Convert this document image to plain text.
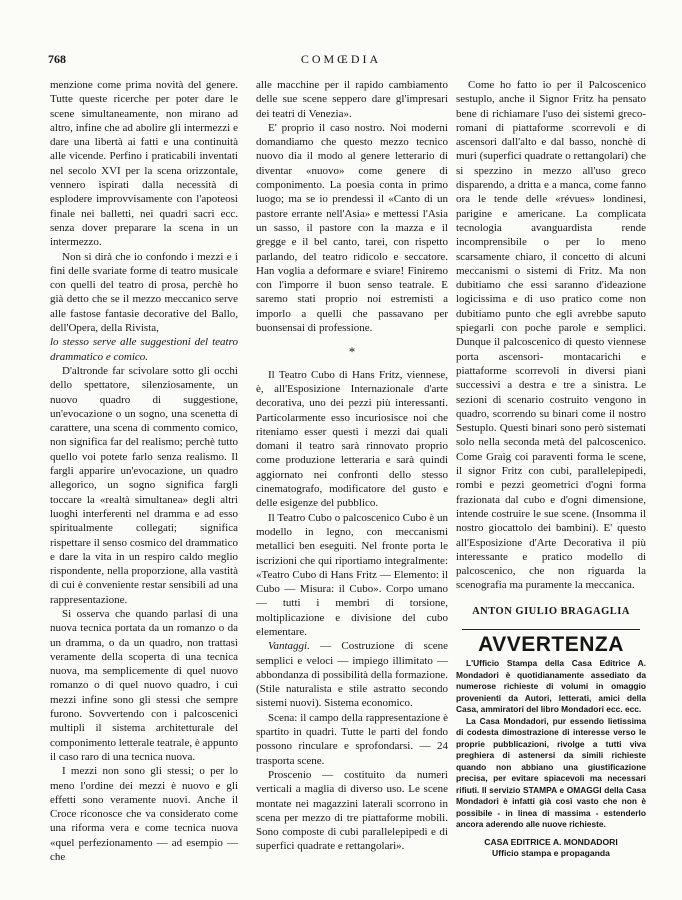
768	COMŒDIA

menzione come prima novità del genere. Tutte queste ricerche per poter dare le scene simultaneamente, non mirano ad altro, infine che ad abolire gli intermezzi e dare una libertà ai fatti e una continuità alle vicende. Perfino i praticabili inventati nel secolo XVI per la scena orizzontale, vennero ispirati dalla necessità di esplodere improvvisamente con l'apoteosi finale nei balletti, nei quadri sacri ecc. senza dover preparare la scena in un intermezzo.

Non si dirà che io confondo i mezzi e i fini delle svariate forme di teatro musicale con quelli del teatro di prosa, perchè ho già detto che se il mezzo meccanico serve alle fastose fantasie decorative del Ballo, dell'Opera, della Rivista,

lo stesso serve alle suggestioni del teatro drammatico e comico.

D'altronde far scivolare sotto gli occhi dello spettatore, silenziosamente, un nuovo quadro di suggestione, un'evocazione o un sogno, una scenetta di carattere, una scena di commento comico, non significa far del realismo; perchè tutto quello voi potete farlo senza realismo. Il fargli apparire un'evocazione, un quadro allegorico, un sogno significa fargli toccare la «realtà simultanea» degli altri luoghi interferenti nel dramma e ad esso spiritualmente collegati; significa rispettare il senso cosmico del drammatico e dare la vita in un respiro caldo meglio rispondente, nella proporzione, alla vastità di cui è conveniente restar sensibili ad una rappresentazione.

Si osserva che quando parlasi di una nuova tecnica portata da un romanzo o da un dramma, o da un quadro, non trattasi veramente della scoperta di una tecnica nuova, ma semplicemente di quel nuovo romanzo o di quel nuovo quadro, i cui mezzi infine sono gli stessi che sempre furono. Sovvertendo con i palcoscenici multipli il sistema architetturale del componimento letterale teatrale, è appunto il caso raro di una tecnica nuova.

I mezzi non sono gli stessi; o per lo meno l'ordine dei mezzi è nuovo e gli effetti sono veramente nuovi. Anche il Croce riconosce che va considerato come una riforma vera e come tecnica nuova «quel perfezionamento — ad esempio — che

alle macchine per il rapido cambiamento delle sue scene seppero dare gl'impresari dei teatri di Venezia».

E' proprio il caso nostro. Noi moderni domandiamo che questo mezzo tecnico nuovo dia il modo al genere letterario di diventar «nuovo» come genere di componimento. La poesia conta in primo luogo; ma se io prendessi il «Canto di un pastore errante nell'Asia» e mettessi l'Asia un sasso, il pastore con la mazza e il gregge e il bel canto, tarei, con rispetto parlando, del teatro ridicolo e seccatore. Han voglia a deformare e sviare! Finiremo con l'imporre il buon senso teatrale. E saremo stati proprio noi estremisti a imporlo a quelli che passavano per buonsensai di professione.

*

Il Teatro Cubo di Hans Fritz, viennese, è, all'Esposizione Internazionale d'arte decorativa, uno dei pezzi più interessanti. Particolarmente esso incuriosisce noi che riteniamo esser questi i mezzi dai quali domani il teatro sarà rinnovato proprio come produzione letteraria e sarà quindi aggiornato nei confronti dello stesso cinematografo, modificatore del gusto e delle esigenze del pubblico.

Il Teatro Cubo o palcoscenico Cubo è un modello in legno, con meccanismi metallici ben eseguiti. Nel fronte porta le iscrizioni che qui riportiamo integralmente: «Teatro Cubo di Hans Fritz — Elemento: il Cubo — Misura: il Cubo». Corpo umano — tutti i membri di torsione, moltiplicazione e divisione del cubo elementare.

Vantaggi. — Costruzione di scene semplici e veloci — impiego illimitato — abbondanza di possibilità della formazione. (Stile naturalista e stile astratto secondo sistemi nuovi). Sistema economico.

Scena: il campo della rappresentazione è spartito in quadri. Tutte le parti del fondo possono rinculare e sprofondarsi. — 24 trasporta scene.

Proscenio — costituito da numeri verticali a maglia di diverso uso. Le scene montate nei magazzini laterali scorrono in scena per mezzo di tre piattaforme mobili. Sono composte di cubi parallelepipedi e di superfici quadrate e rettangolari».

Come ho fatto io per il Palcoscenico sestuplo, anche il Signor Fritz ha pensato bene di richiamare l'uso dei sistemi greco-romani di piattaforme scorrevoli e di ascensori dall'alto e dal basso, nonchè di muri (superfici quadrate o rettangolari) che si spezzino in mezzo all'uso greco disparendo, a dritta e a manca, come fanno ora le tende delle «révues» londinesi, parigine e americane. La complicata tecnologia avanguardista rende incomprensibile o per lo meno scarsamente chiaro, il concetto di alcuni meccanismi o sistemi di Fritz. Ma non dubitiamo che essi saranno d'ideazione logicissima e di uso pratico come non dubitiamo punto che egli avrebbe saputo spiegarli con poche parole e semplici. Dunque il palcoscenico di questo viennese porta ascensori- montacarichi e piattaforme scorrevoli in diversi piani successivi a destra e tre a sinistra. Le sezioni di scenario costruito vengono in quadro, scorrendo su binari come il nostro Sestuplo. Questi binari sono però sistemati solo nella seconda metà del palcoscenico. Come Graig coi paraventi forma le scene, il signor Fritz con cubi, parallelepipedi, rombi e pezzi geometrici d'ogni forma frazionata dal cubo e d'ogni dimensione, intende costruire le sue scene. (Insomma il nostro giocattolo dei bambini). E' questo all'Esposizione d'Arte Decorativa il più interessante e pratico modello di palcoscenico, che non riguarda la scenografia ma puramente la meccanica.

ANTON GIULIO BRAGAGLIA
AVVERTENZA

L'Ufficio Stampa della Casa Editrice A. Mondadori è quotidianamente assediato da numerose richieste di volumi in omaggio provenienti da Autori, letterati, amici della Casa, ammiratori del libro Mondadori ecc. ecc.

La Casa Mondadori, pur essendo lietissima di codesta dimostrazione di interesse verso le proprie pubblicazioni, rivolge a tutti viva preghiera di astenersi da simili richieste quando non abbiano una giustificazione precisa, per evitare spiacevoli ma necessari rifiuti. Il servizio STAMPA e OMAGGI della Casa Mondadori è infatti già così vasto che non è possibile - in linea di massima - estenderlo ancora aderendo alle nuove richieste.

CASA EDITRICE A. MONDADORI
Ufficio stampa e propaganda
